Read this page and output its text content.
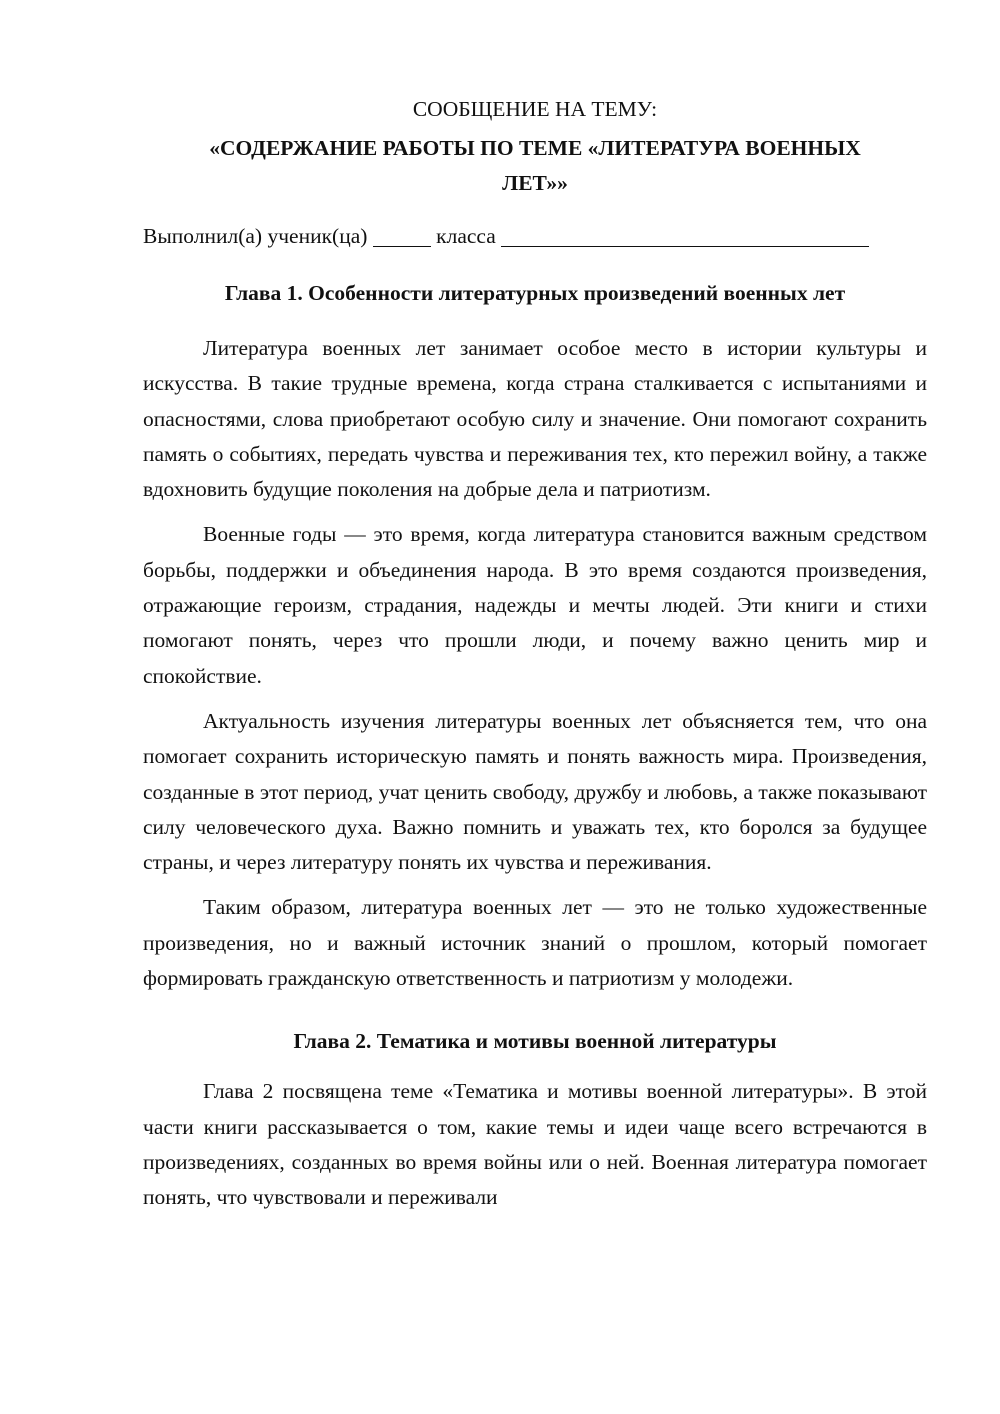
СООБЩЕНИЕ НА ТЕМУ:

«СОДЕРЖАНИЕ РАБОТЫ ПО ТЕМЕ «ЛИТЕРАТУРА ВОЕННЫХ

ЛЕТ»»

Выполнил(а) ученик(ца)	класса

Глава 1. Особенности литературных произведений военных лет

Литература военных лет занимает особое место в истории культуры и искусства. В такие трудные времена, когда страна сталкивается с испытаниями и опасностями, слова приобретают особую силу и значение. Они помогают сохранить память о событиях, передать чувства и переживания тех, кто пережил войну, а также вдохновить будущие поколения на добрые дела и патриотизм.

Военные годы — это время, когда литература становится важным средством борьбы, поддержки и объединения народа. В это время создаются произведения, отражающие героизм, страдания, надежды и мечты людей. Эти книги и стихи помогают понять, через что прошли люди, и почему важно ценить мир и спокойствие.

Актуальность изучения литературы военных лет объясняется тем, что она помогает сохранить историческую память и понять важность мира. Произведения, созданные в этот период, учат ценить свободу, дружбу и любовь, а также показывают силу человеческого духа. Важно помнить и уважать тех, кто боролся за будущее страны, и через литературу понять их чувства и переживания.

Таким образом, литература военных лет — это не только художественные произведения, но и важный источник знаний о прошлом, который помогает формировать гражданскую ответственность и патриотизм у молодежи.

Глава 2. Тематика и мотивы военной литературы

Глава 2 посвящена теме «Тематика и мотивы военной литературы». В этой части книги рассказывается о том, какие темы и идеи чаще всего встречаются в произведениях, созданных во время войны или о ней. Военная литература помогает понять, что чувствовали и переживали
